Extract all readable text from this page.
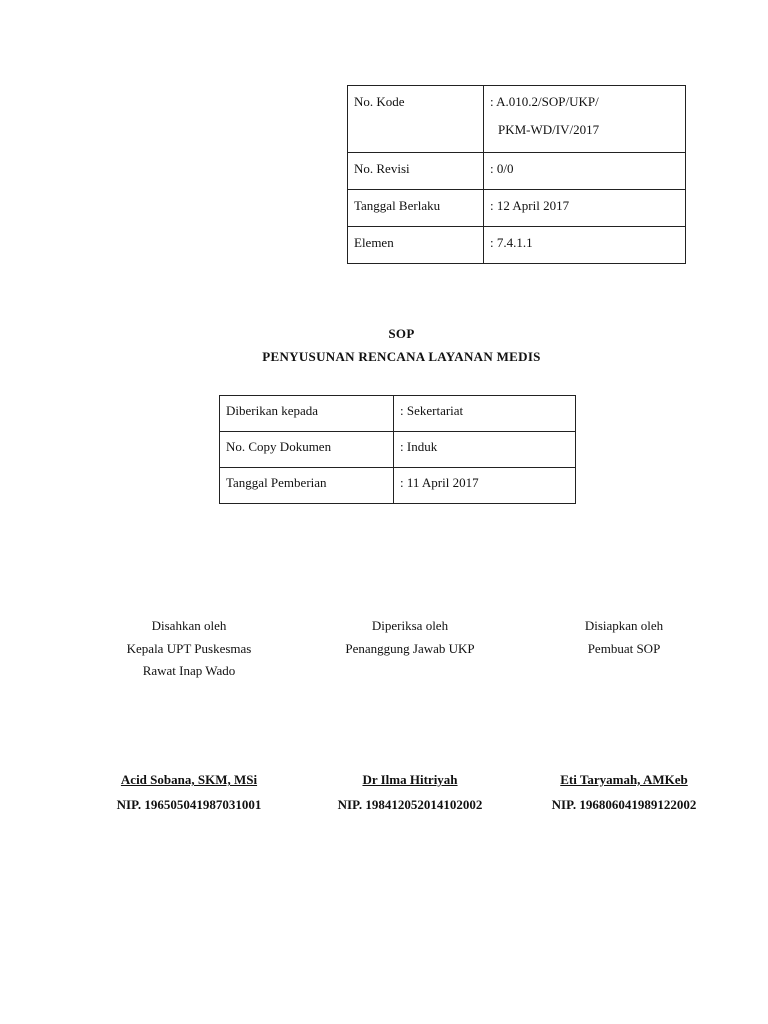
No. Kode	: A.010.2/SOP/UKP/
PKM-WD/IV/2017

No. Revisi	: 0/0
Tanggal Berlaku	: 12 April 2017
Elemen	: 7.4.1.1
SOP
PENYUSUNAN RENCANA LAYANAN MEDIS
Diberikan kepada	: Sekertariat
No. Copy Dokumen	: Induk
Tanggal Pemberian	: 11 April 2017
Disahkan oleh
Kepala UPT Puskesmas
Rawat Inap Wado
Acid Sobana, SKM, MSi
NIP. 196505041987031001
Diperiksa oleh
Penanggung Jawab UKP
Dr Ilma Hitriyah
NIP. 198412052014102002
Disiapkan oleh
Pembuat SOP
Eti Taryamah, AMKeb
NIP. 196806041989122002
